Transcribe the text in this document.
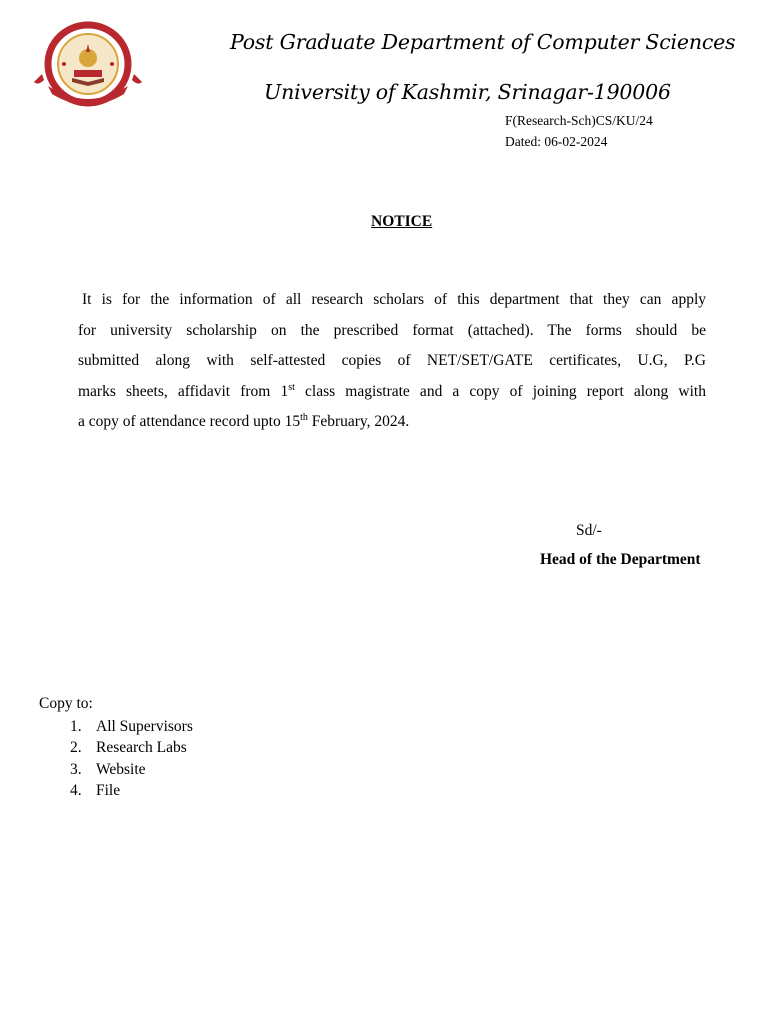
Post Graduate Department of Computer Sciences
University of Kashmir, Srinagar-190006
F(Research-Sch)CS/KU/24
Dated: 06-02-2024
NOTICE
It is for the information of all research scholars of this department that they can apply
for university scholarship on the prescribed format (attached). The forms should be
submitted along with self-attested copies of NET/SET/GATE certificates, U.G, P.G
marks sheets, affidavit from 1st class magistrate and a copy of joining report along with
a copy of attendance record upto 15th February, 2024.
Sd/-
Head of the Department
Copy to:
1. All Supervisors
2. Research Labs
3. Website
4. File
